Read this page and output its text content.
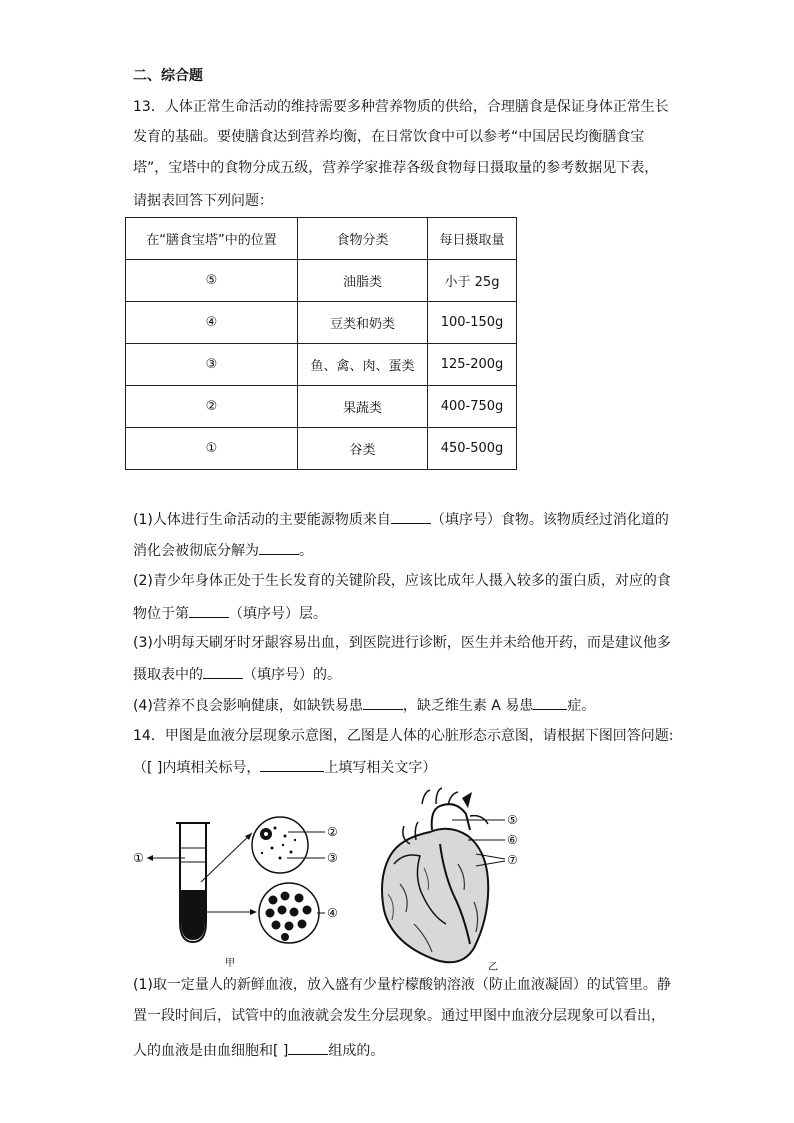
二、综合题
13．人体正常生命活动的维持需要多种营养物质的供给，合理膳食是保证身体正常生长
发育的基础。要使膳食达到营养均衡，在日常饮食中可以参考“中国居民均衡膳食宝
塔”，宝塔中的食物分成五级，营养学家推荐各级食物每日摄取量的参考数据见下表，
请据表回答下列问题：
在“膳食宝塔”中的位置	食物分类	每日摄取量
⑤	油脂类	小于 25g
④	豆类和奶类	100-150g
③	鱼、禽、肉、蛋类	125-200g
②	果蔬类	400-750g
①	谷类	450-500g
(1)人体进行生命活动的主要能源物质来自	（填序号）食物。该物质经过消化道的
消化会被彻底分解为	。
(2)青少年身体正处于生长发育的关键阶段，应该比成年人摄入较多的蛋白质，对应的食
物位于第	（填序号）层。
(3)小明每天刷牙时牙龈容易出血，到医院进行诊断，医生并未给他开药，而是建议他多
摄取表中的	（填序号）的。
(4)营养不良会影响健康，如缺铁易患	，缺乏维生素 A 易患 症。
14．甲图是血液分层现象示意图，乙图是人体的心脏形态示意图，请根据下图回答问题:
（[ ]内填相关标号，	上填写相关文字）
①
②
③
④
甲
⑤
⑥
⑦
乙
(1)取一定量人的新鲜血液，放入盛有少量柠檬酸钠溶液（防止血液凝固）的试管里。静
置一段时间后，试管中的血液就会发生分层现象。通过甲图中血液分层现象可以看出，
人的血液是由血细胞和[ ]	组成的。
